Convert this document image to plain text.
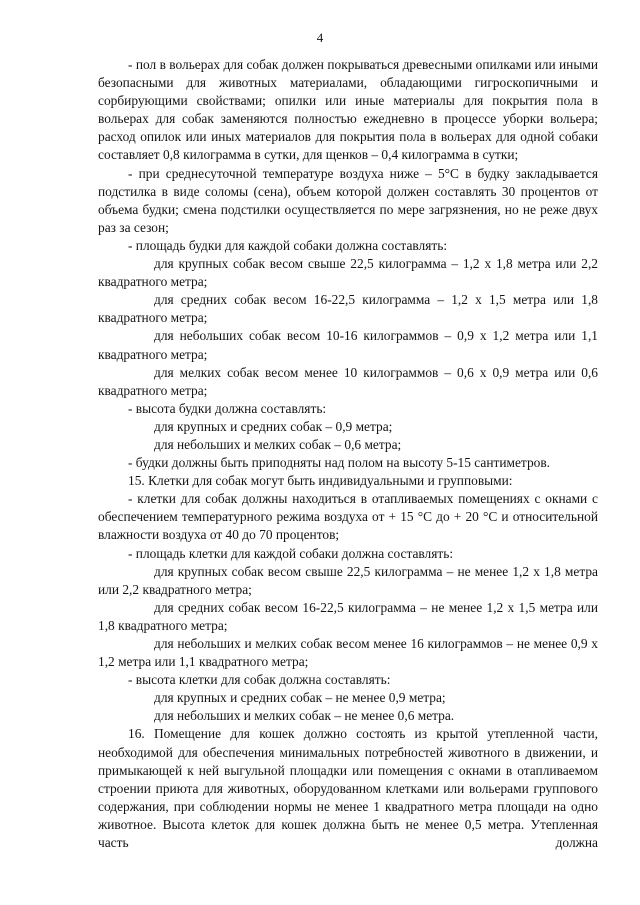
4

- пол в вольерах для собак должен покрываться древесными опилками или иными безопасными для животных материалами, обладающими гигроскопичными и сорбирующими свойствами; опилки или иные материалы для покрытия пола в вольерах для собак заменяются полностью ежедневно в процессе уборки вольера; расход опилок или иных материалов для покрытия пола в вольерах для одной собаки составляет 0,8 килограмма в сутки, для щенков – 0,4 килограмма в сутки;

- при среднесуточной температуре воздуха ниже – 5°С в будку закладывается подстилка в виде соломы (сена), объем которой должен составлять 30 процентов от объема будки; смена подстилки осуществляется по мере загрязнения, но не реже двух раз за сезон;

- площадь будки для каждой собаки должна составлять:

для крупных собак весом свыше 22,5 килограмма – 1,2 х 1,8 метра или 2,2 квадратного метра;

для средних собак весом 16-22,5 килограмма – 1,2 х 1,5 метра или 1,8 квадратного метра;

для небольших собак весом 10-16 килограммов – 0,9 х 1,2 метра или 1,1 квадратного метра;

для мелких собак весом менее 10 килограммов – 0,6 х 0,9 метра или 0,6 квадратного метра;

- высота будки должна составлять:

для крупных и средних собак – 0,9 метра;

для небольших и мелких собак – 0,6 метра;

- будки должны быть приподняты над полом на высоту 5-15 сантиметров.

15. Клетки для собак могут быть индивидуальными и групповыми:

- клетки для собак должны находиться в отапливаемых помещениях с окнами с обеспечением температурного режима воздуха от + 15 °С до + 20 °С и относительной влажности воздуха от 40 до 70 процентов;

- площадь клетки для каждой собаки должна составлять:

для крупных собак весом свыше 22,5 килограмма – не менее 1,2 х 1,8 метра или 2,2 квадратного метра;

для средних собак весом 16-22,5 килограмма – не менее 1,2 х 1,5 метра или 1,8 квадратного метра;

для небольших и мелких собак весом менее 16 килограммов – не менее 0,9 х 1,2 метра или 1,1 квадратного метра;

- высота клетки для собак должна составлять:

для крупных и средних собак – не менее 0,9 метра;

для небольших и мелких собак – не менее 0,6 метра.

16. Помещение для кошек должно состоять из крытой утепленной части, необходимой для обеспечения минимальных потребностей животного в движении, и примыкающей к ней выгульной площадки или помещения с окнами в отапливаемом строении приюта для животных, оборудованном клетками или вольерами группового содержания, при соблюдении нормы не менее 1 квадратного метра площади на одно животное. Высота клеток для кошек должна быть не менее 0,5 метра. Утепленная часть должна
